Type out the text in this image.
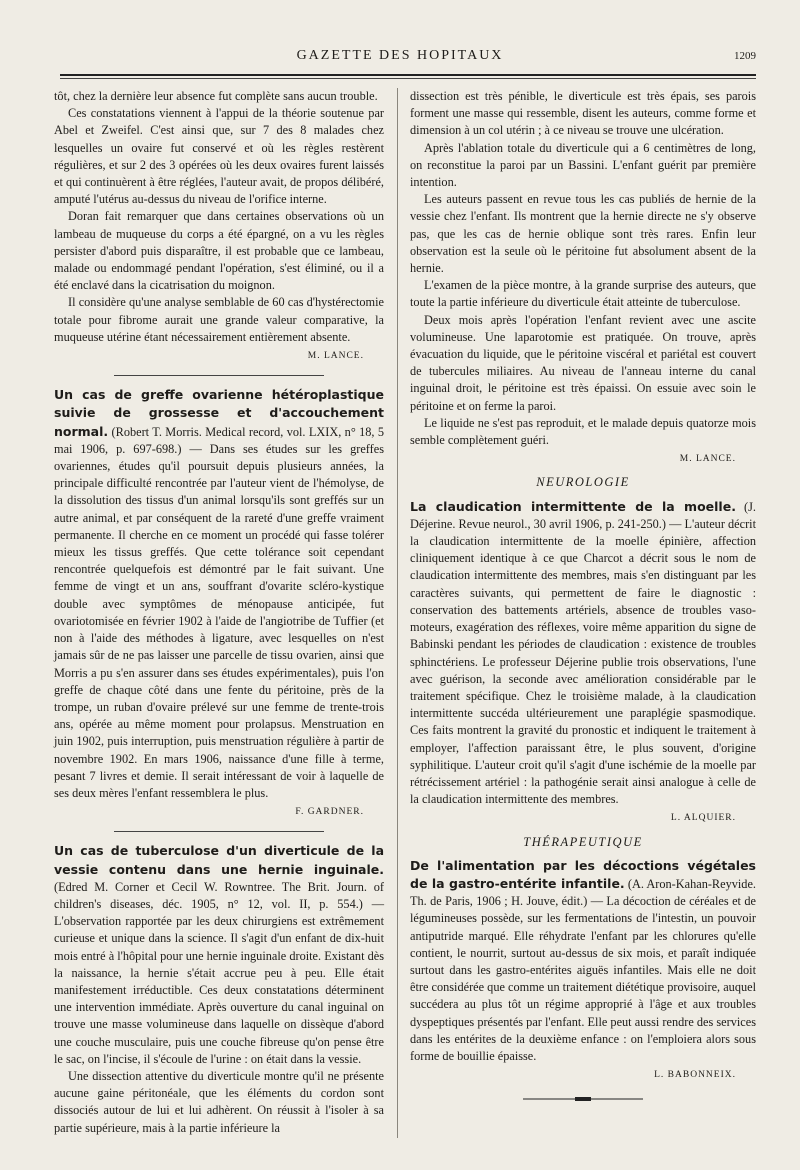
GAZETTE DES HOPITAUX	1209

tôt, chez la dernière leur absence fut complète sans aucun trouble.

Ces constatations viennent à l'appui de la théorie soutenue par Abel et Zweifel. C'est ainsi que, sur 7 des 8 malades chez lesquelles un ovaire fut conservé et où les règles restèrent régulières, et sur 2 des 3 opérées où les deux ovaires furent laissés et qui continuèrent à être réglées, l'auteur avait, de propos délibéré, amputé l'utérus au-dessus du niveau de l'orifice interne.

Doran fait remarquer que dans certaines observations où un lambeau de muqueuse du corps a été épargné, on a vu les règles persister d'abord puis disparaître, il est probable que ce lambeau, malade ou endommagé pendant l'opération, s'est éliminé, ou il a été enclavé dans la cicatrisation du moignon.

Il considère qu'une analyse semblable de 60 cas d'hystérectomie totale pour fibrome aurait une grande valeur comparative, la muqueuse utérine étant nécessairement entièrement absente.

M. LANCE.

Un cas de greffe ovarienne hétéroplastique suivie de grossesse et d'accouchement normal. (Robert T. Morris. Medical record, vol. LXIX, n° 18, 5 mai 1906, p. 697-698.) — Dans ses études sur les greffes ovariennes, études qu'il poursuit depuis plusieurs années, la principale difficulté rencontrée par l'auteur vient de l'hémolyse, de la dissolution des tissus d'un animal lorsqu'ils sont greffés sur un autre animal, et par conséquent de la rareté d'une greffe vraiment permanente. Il cherche en ce moment un procédé qui fasse tolérer mieux les tissus greffés. Que cette tolérance soit cependant rencontrée quelquefois est démontré par le fait suivant. Une femme de vingt et un ans, souffrant d'ovarite scléro-kystique double avec symptômes de ménopause anticipée, fut ovariotomisée en février 1902 à l'aide de l'angiotribe de Tuffier (et non à l'aide des méthodes à ligature, avec lesquelles on n'est jamais sûr de ne pas laisser une parcelle de tissu ovarien, ainsi que Morris a pu s'en assurer dans ses études expérimentales), puis l'on greffe de chaque côté dans une fente du péritoine, près de la trompe, un ruban d'ovaire prélevé sur une femme de trente-trois ans, opérée au même moment pour prolapsus. Menstruation en juin 1902, puis interruption, puis menstruation régulière à partir de novembre 1902. En mars 1906, naissance d'une fille à terme, pesant 7 livres et demie. Il serait intéressant de voir à laquelle de ses deux mères l'enfant ressemblera le plus.

F. GARDNER.

Un cas de tuberculose d'un diverticule de la vessie contenu dans une hernie inguinale. (Edred M. Corner et Cecil W. Rowntree. The Brit. Journ. of children's diseases, déc. 1905, n° 12, vol. II, p. 554.) — L'observation rapportée par les deux chirurgiens est extrêmement curieuse et unique dans la science. Il s'agit d'un enfant de dix-huit mois entré à l'hôpital pour une hernie inguinale droite. Existant dès la naissance, la hernie s'était accrue peu à peu. Elle était manifestement irréductible. Ces deux constatations déterminent une intervention immédiate. Après ouverture du canal inguinal on trouve une masse volumineuse dans laquelle on dissèque d'abord une couche musculaire, puis une couche fibreuse qu'on pense être le sac, on l'incise, il s'écoule de l'urine : on était dans la vessie.

Une dissection attentive du diverticule montre qu'il ne présente aucune gaine péritonéale, que les éléments du cordon sont dissociés autour de lui et lui adhèrent. On réussit à l'isoler à sa partie supérieure, mais à la partie inférieure la

dissection est très pénible, le diverticule est très épais, ses parois forment une masse qui ressemble, disent les auteurs, comme forme et dimension à un col utérin ; à ce niveau se trouve une ulcération.

Après l'ablation totale du diverticule qui a 6 centimètres de long, on reconstitue la paroi par un Bassini. L'enfant guérit par première intention.

Les auteurs passent en revue tous les cas publiés de hernie de la vessie chez l'enfant. Ils montrent que la hernie directe ne s'y observe pas, que les cas de hernie oblique sont très rares. Enfin leur observation est la seule où le péritoine fut absolument absent de la hernie.

L'examen de la pièce montre, à la grande surprise des auteurs, que toute la partie inférieure du diverticule était atteinte de tuberculose.

Deux mois après l'opération l'enfant revient avec une ascite volumineuse. Une laparotomie est pratiquée. On trouve, après évacuation du liquide, que le péritoine viscéral et pariétal est couvert de tubercules miliaires. Au niveau de l'anneau interne du canal inguinal droit, le péritoine est très épaissi. On essuie avec soin le péritoine et on ferme la paroi.

Le liquide ne s'est pas reproduit, et le malade depuis quatorze mois semble complètement guéri.

M. LANCE.
NEUROLOGIE

La claudication intermittente de la moelle. (J. Déjerine. Revue neurol., 30 avril 1906, p. 241-250.) — L'auteur décrit la claudication intermittente de la moelle épinière, affection cliniquement identique à ce que Charcot a décrit sous le nom de claudication intermittente des membres, mais s'en distinguant par les caractères suivants, qui permettent de faire le diagnostic : conservation des battements artériels, absence de troubles vaso-moteurs, exagération des réflexes, voire même apparition du signe de Babinski pendant les périodes de claudication : existence de troubles sphinctériens. Le professeur Déjerine publie trois observations, l'une avec guérison, la seconde avec amélioration considérable par le traitement spécifique. Chez le troisième malade, à la claudication intermittente succéda ultérieurement une paraplégie spasmodique. Ces faits montrent la gravité du pronostic et indiquent le traitement à employer, l'affection paraissant être, le plus souvent, d'origine syphilitique. L'auteur croit qu'il s'agit d'une ischémie de la moelle par rétrécissement artériel : la pathogénie serait ainsi analogue à celle de la claudication intermittente des membres.

L. ALQUIER.
THÉRAPEUTIQUE

De l'alimentation par les décoctions végétales de la gastro-entérite infantile. (A. Aron-Kahan-Reyvide. Th. de Paris, 1906 ; H. Jouve, édit.) — La décoction de céréales et de légumineuses possède, sur les fermentations de l'intestin, un pouvoir antiputride marqué. Elle réhydrate l'enfant par les chlorures qu'elle contient, le nourrit, surtout au-dessus de six mois, et paraît indiquée surtout dans les gastro-entérites aiguës infantiles. Mais elle ne doit être considérée que comme un traitement diététique provisoire, auquel succédera au plus tôt un régime approprié à l'âge et aux troubles dyspeptiques présentés par l'enfant. Elle peut aussi rendre des services dans les entérites de la deuxième enfance : on l'emploiera alors sous forme de bouillie épaisse.

L. BABONNEIX.
